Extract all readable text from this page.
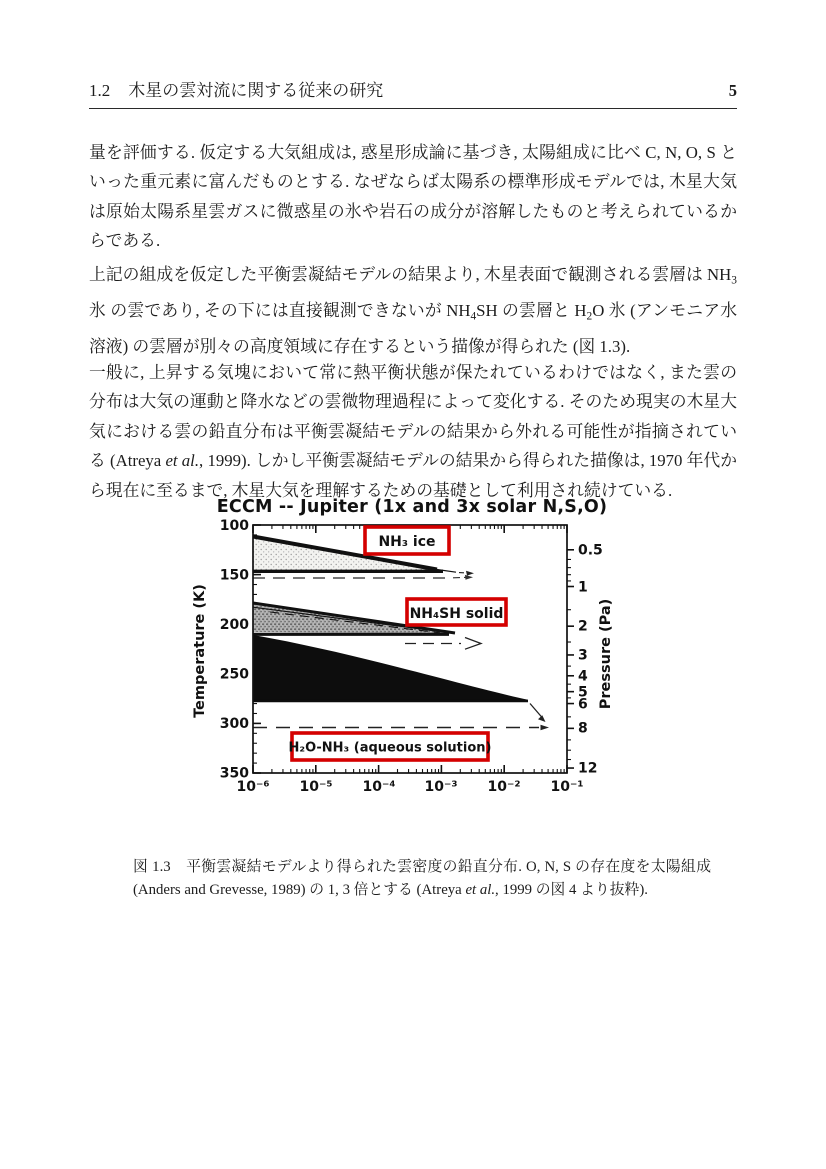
1.2 木星の雲対流に関する従来の研究	5

量を評価する. 仮定する大気組成は, 惑星形成論に基づき, 太陽組成に比べ C, N, O, S といった重元素に富んだものとする. なぜならば太陽系の標準形成モデルでは, 木星大気は原始太陽系星雲ガスに微惑星の氷や岩石の成分が溶解したものと考えられているからである.

上記の組成を仮定した平衡雲凝結モデルの結果より, 木星表面で観測される雲層は $NH_3$ 氷 の雲であり, その下には直接観測できないが $NH_4SH$ の雲層と $H_2O$ 氷 (アンモニア水溶液) の雲層が別々の高度領域に存在するという描像が得られた (図 1.3).

一般に, 上昇する気塊において常に熱平衡状態が保たれているわけではなく, また雲の分布は大気の運動と降水などの雲微物理過程によって変化する. そのため現実の木星大気における雲の鉛直分布は平衡雲凝結モデルの結果から外れる可能性が指摘されている (Atreya et al., 1999). しかし平衡雲凝結モデルの結果から得られた描像は, 1970 年代から現在に至るまで, 木星大気を理解するための基礎として利用され続けている.

ECCM -- Jupiter (1x and 3x solar N,S,O)
NH₃ ice
NH₄SH solid
H₂O-NH₃ (aqueous solution)
10⁻⁶ 10⁻⁵ 10⁻⁴ 10⁻³ 10⁻² 10⁻¹
100
150
200
250
300
350
0.5
1
2
3
4
5
6
8
12
Temperature (K)	Pressure (Pa)

図 1.3　平衡雲凝結モデルより得られた雲密度の鉛直分布. O, N, S の存在度を太陽組成 (Anders and Grevesse, 1989) の 1, 3 倍とする (Atreya et al., 1999 の図 4 より抜粋).
